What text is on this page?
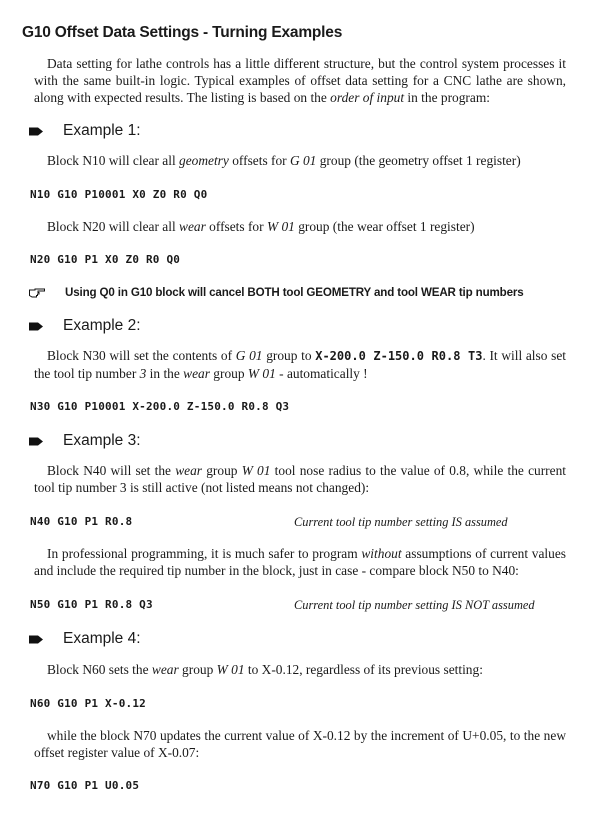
G10 Offset Data Settings - Turning Examples
Data setting for lathe controls has a little different structure, but the control system processes it with the same built-in logic. Typical examples of offset data setting for a CNC lathe are shown, along with expected results. The listing is based on the order of input in the program:
Example 1:
Block N10 will clear all geometry offsets for G 01 group (the geometry offset 1 register)
N10 G10 P10001 X0 Z0 R0 Q0
Block N20 will clear all wear offsets for W 01 group (the wear offset 1 register)
N20 G10 P1 X0 Z0 R0 Q0
Using Q0 in G10 block will cancel BOTH tool GEOMETRY and tool WEAR tip numbers
Example 2:
Block N30 will set the contents of G 01 group to X-200.0 Z-150.0 R0.8 T3. It will also set the tool tip number 3 in the wear group W 01 - automatically !
N30 G10 P10001 X-200.0 Z-150.0 R0.8 Q3
Example 3:
Block N40 will set the wear group W 01 tool nose radius to the value of 0.8, while the current tool tip number 3 is still active (not listed means not changed):
N40 G10 P1 R0.8	Current tool tip number setting IS assumed
In professional programming, it is much safer to program without assumptions of current values and include the required tip number in the block, just in case - compare block N50 to N40:
N50 G10 P1 R0.8 Q3	Current tool tip number setting IS NOT assumed
Example 4:
Block N60 sets the wear group W 01 to X-0.12, regardless of its previous setting:
N60 G10 P1 X-0.12
while the block N70 updates the current value of X-0.12 by the increment of U+0.05, to the new offset register value of X-0.07:
N70 G10 P1 U0.05
